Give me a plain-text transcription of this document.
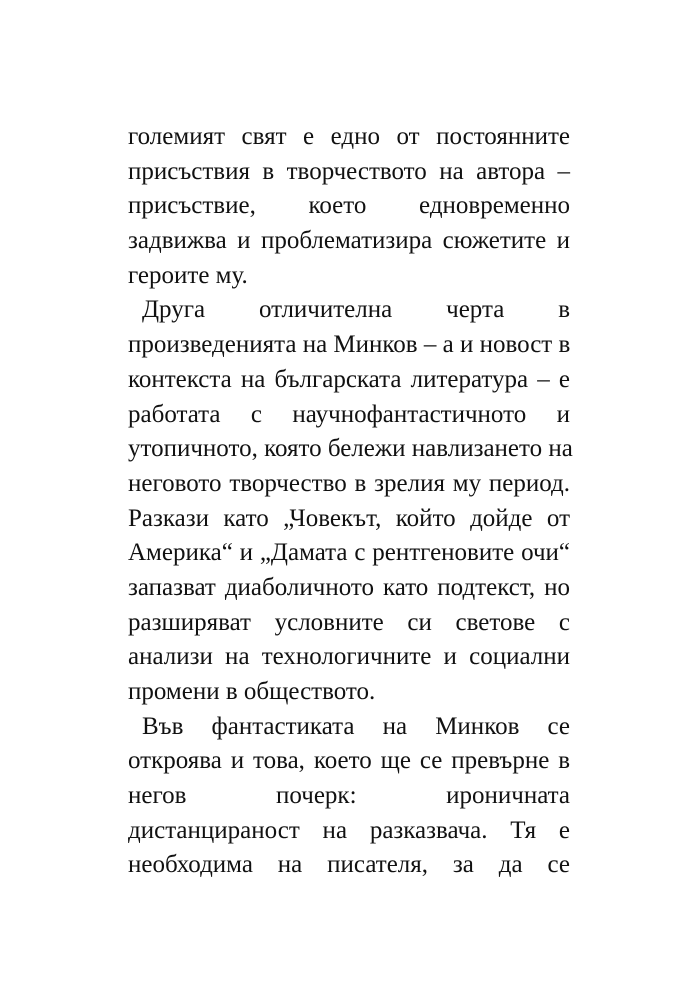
големият свят е едно от постоянните
присъствия в творчеството на автора –
присъствие, което едновременно
задвижва и проблематизира сюжетите и
героите му.

Друга отличителна черта в
произведенията на Минков – а и новост в
контекста на българската литература – е
работата с научнофантастичното и
утопичното, която бележи навлизането на
неговото творчество в зрелия му период.
Разкази като „Човекът, който дойде от
Америка“ и „Дамата с рентгеновите очи“
запазват диаболичното като подтекст, но
разширяват условните си светове с
анализи на технологичните и социални
промени в обществото.

Във фантастиката на Минков се
откроява и това, което ще се превърне в
негов почерк: ироничната
дистанцираност на разказвача. Тя е
необходима на писателя, за да се
